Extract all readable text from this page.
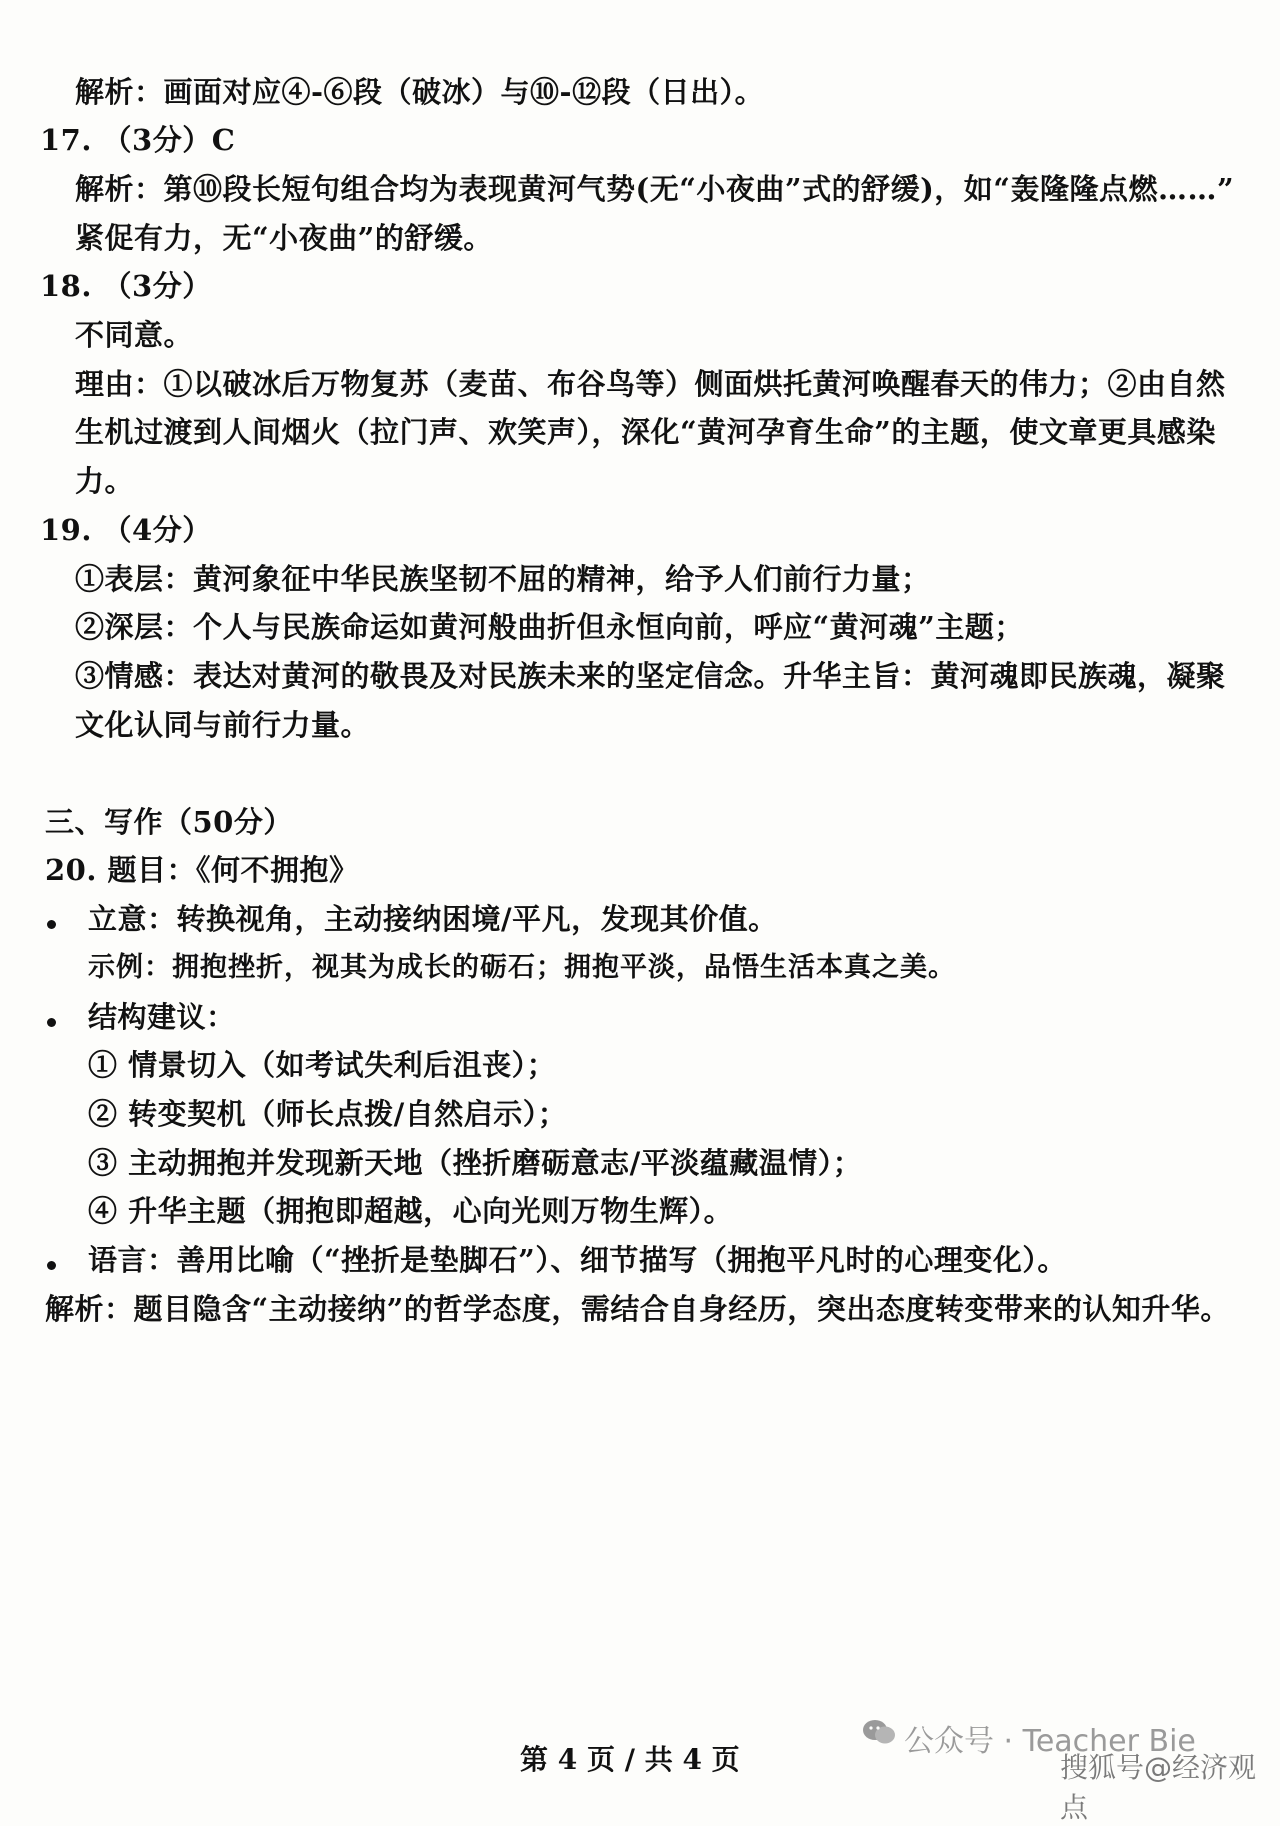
解析：画面对应④-⑥段（破冰）与⑩-⑫段（日出）。
17. （3分）C
解析：第⑩段长短句组合均为表现黄河气势(无“小夜曲”式的舒缓)，如“轰隆隆点燃……”
紧促有力，无“小夜曲”的舒缓。
18. （3分）
不同意。
理由：①以破冰后万物复苏（麦苗、布谷鸟等）侧面烘托黄河唤醒春天的伟力；②由自然
生机过渡到人间烟火（拉门声、欢笑声），深化“黄河孕育生命”的主题，使文章更具感染
力。
19. （4分）
①表层：黄河象征中华民族坚韧不屈的精神，给予人们前行力量；
②深层：个人与民族命运如黄河般曲折但永恒向前，呼应“黄河魂”主题；
③情感：表达对黄河的敬畏及对民族未来的坚定信念。升华主旨：黄河魂即民族魂，凝聚
文化认同与前行力量。
三、写作（50分）
20. 题目：《何不拥抱》
立意：转换视角，主动接纳困境/平凡，发现其价值。
示例：拥抱挫折，视其为成长的砺石；拥抱平淡，品悟生活本真之美。
结构建议：
① 情景切入（如考试失利后沮丧）；
② 转变契机（师长点拨/自然启示）；
③ 主动拥抱并发现新天地（挫折磨砺意志/平淡蕴藏温情）；
④ 升华主题（拥抱即超越，心向光则万物生辉）。
语言：善用比喻（“挫折是垫脚石”）、细节描写（拥抱平凡时的心理变化）。
解析：题目隐含“主动接纳”的哲学态度，需结合自身经历，突出态度转变带来的认知升华。
第 4 页 / 共 4 页
公众号 · Teacher Bie
搜狐号@经济观点
